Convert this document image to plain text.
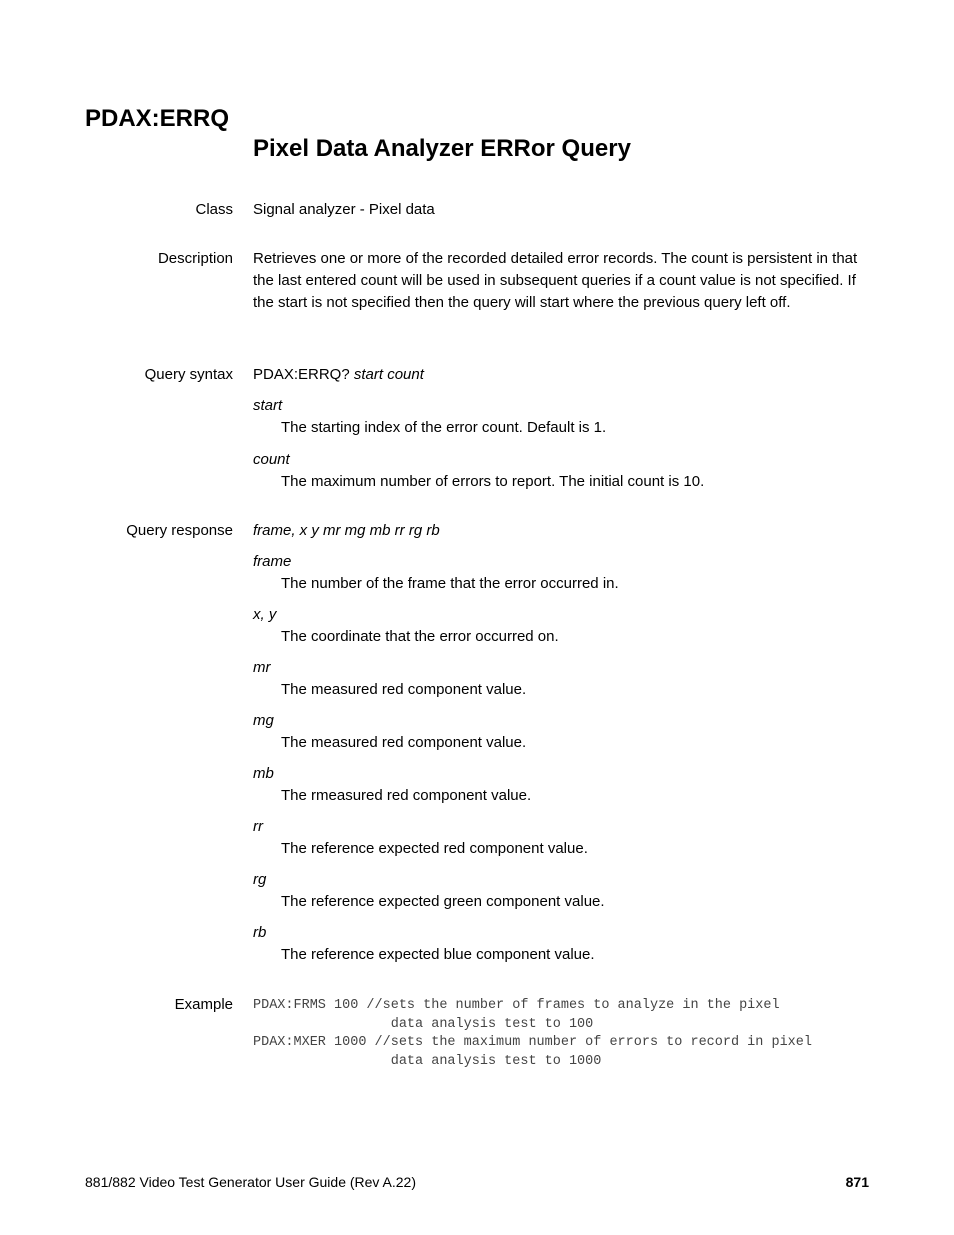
PDAX:ERRQ
Pixel Data Analyzer ERRor Query
Class Signal analyzer - Pixel data
Description Retrieves one or more of the recorded detailed error records. The count is persistent in that the last entered count will be used in subsequent queries if a count value is not specified. If the start is not specified then the query will start where the previous query left off.
Query syntax PDAX:ERRQ? start count
start
The starting index of the error count. Default is 1.
count
The maximum number of errors to report. The initial count is 10.
Query response frame, x y mr mg mb rr rg rb
frame
The number of the frame that the error occurred in.
x, y
The coordinate that the error occurred on.
mr
The measured red component value.
mg
The measured red component value.
mb
The rmeasured red component value.
rr
The reference expected red component value.
rg
The reference expected green component value.
rb
The reference expected blue component value.
Example PDAX:FRMS 100 //sets the number of frames to analyze in the pixel
data analysis test to 100
PDAX:MXER 1000 //sets the maximum number of errors to record in pixel
data analysis test to 1000
881/882 Video Test Generator User Guide (Rev A.22)	871
